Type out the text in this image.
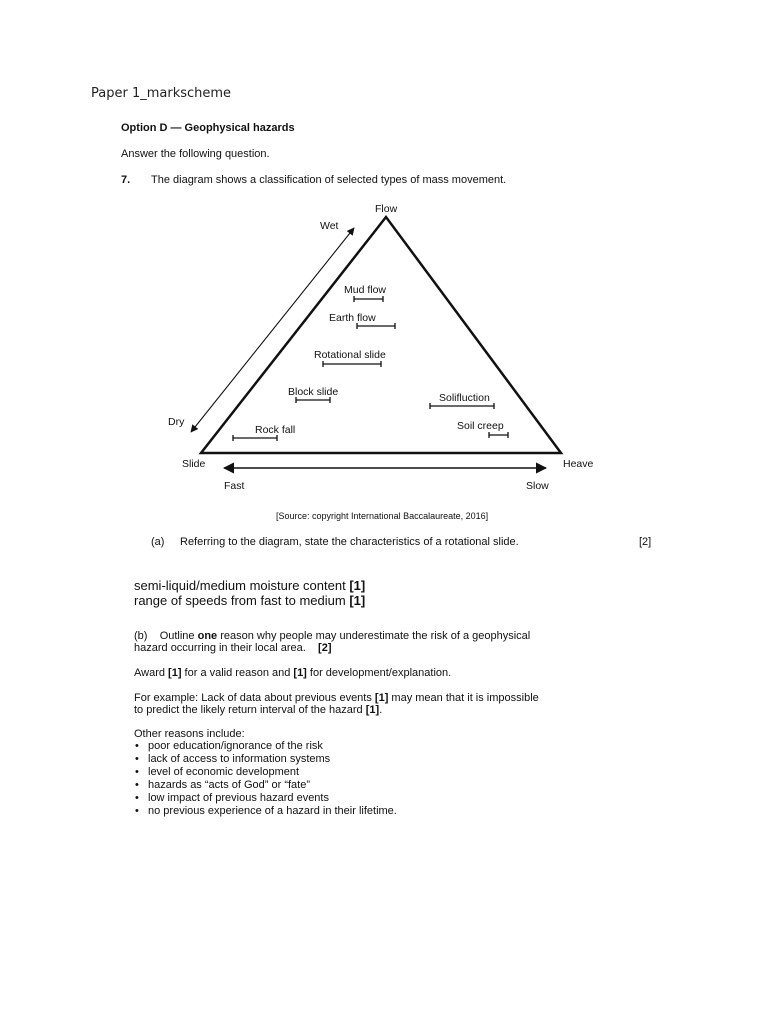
Paper 1_markscheme
Option D — Geophysical hazards
Answer the following question.
7. The diagram shows a classification of selected types of mass movement.
Flow
Slide	Heave
Wet
Dry
Fast	Slow
Mud flow
Earth flow
Rotational slide
Block slide
Rock fall
Solifluction
Soil creep
[Source: copyright International Baccalaureate, 2016]
(a) Referring to the diagram, state the characteristics of a rotational slide.	[2]
semi-liquid/medium moisture content [1]
range of speeds from fast to medium [1]
(b) Outline one reason why people may underestimate the risk of a geophysical
hazard occurring in their local area. [2]
Award [1] for a valid reason and [1] for development/explanation.
For example: Lack of data about previous events [1] may mean that it is impossible
to predict the likely return interval of the hazard [1].
Other reasons include:
• poor education/ignorance of the risk
• lack of access to information systems
• level of economic development
• hazards as “acts of God” or “fate”
• low impact of previous hazard events
• no previous experience of a hazard in their lifetime.
